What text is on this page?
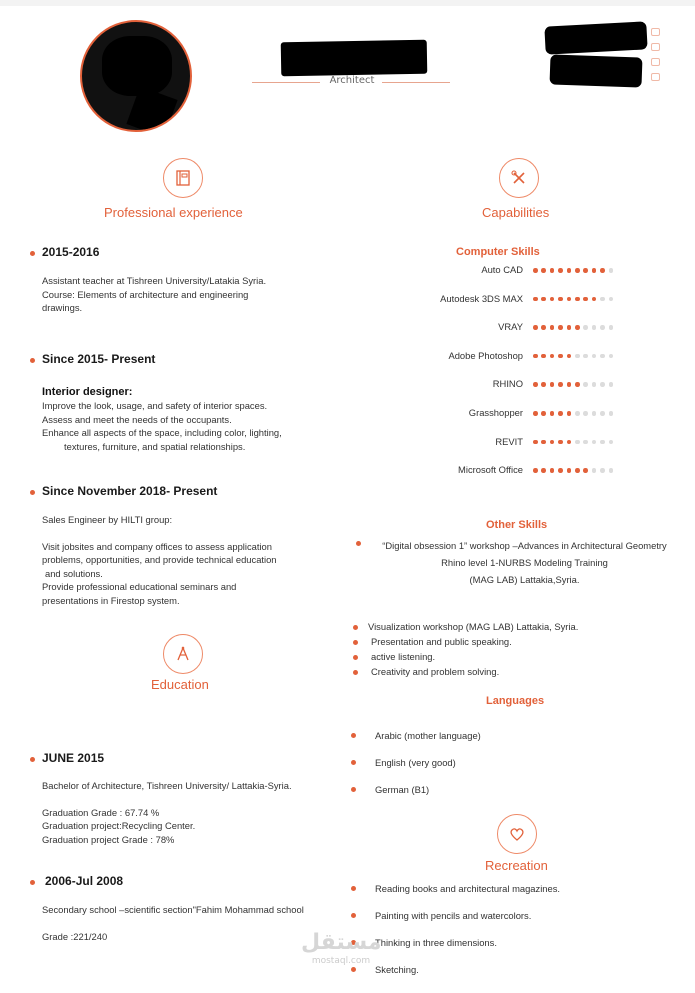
Architect
Professional experience
2015-2016
Assistant teacher at Tishreen University/Latakia Syria.
Course: Elements of architecture and engineering
drawings.
Since 2015- Present
Interior designer:
Improve the look, usage, and safety of interior spaces.
Assess and meet the needs of the occupants.
Enhance all aspects of the space, including color, lighting,
textures, furniture, and spatial relationships.
Since November 2018- Present
Sales Engineer by HILTI group:
Visit jobsites and company offices to assess application
problems, opportunities, and provide technical education
and solutions.
Provide professional educational seminars and
presentations in Firestop system.
Education
JUNE 2015
Bachelor of Architecture, Tishreen University/ Lattakia-Syria.
Graduation Grade : 67.74 %
Graduation project:Recycling Center.
Graduation project Grade : 78%
2006-Jul 2008
Secondary school –scientific section"Fahim Mohammad school
Grade :221/240
Capabilities
Computer Skills
Auto CAD
Autodesk 3DS MAX
VRAY
Adobe Photoshop
RHINO
Grasshopper
REVIT
Microsoft Office
Other Skills
“Digital obsession 1” workshop –Advances in Architectural Geometry
Rhino level 1-NURBS Modeling Training
(MAG LAB) Lattakia,Syria.
Visualization workshop (MAG LAB) Lattakia, Syria.
Presentation and public speaking.
active listening.
Creativity and problem solving.
Languages
Arabic (mother language)
English (very good)
German (B1)
Recreation
Reading books and architectural magazines.
Painting with pencils and watercolors.
Thinking in three dimensions.
Sketching.
مستقل
mostaql.com
